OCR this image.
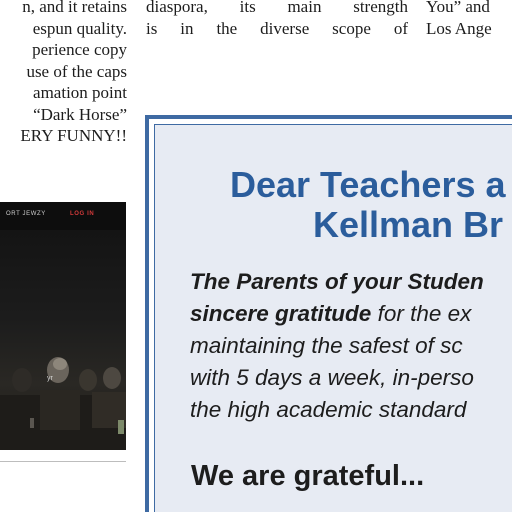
n, and it retains
espun quality.
perience copy
use of the caps
amation point
“Dark Horse”
ERY FUNNY!!
diaspora, its main strength
is in the diverse scope of
You” and
Los Ange
ORT JEWZY	LOG IN
yr
Dear Teachers a
Kellman Br
The Parents of your Studen
sincere gratitude for the ex
maintaining the safest of sc
with 5 days a week, in-perso
the high academic standard
We are grateful...
